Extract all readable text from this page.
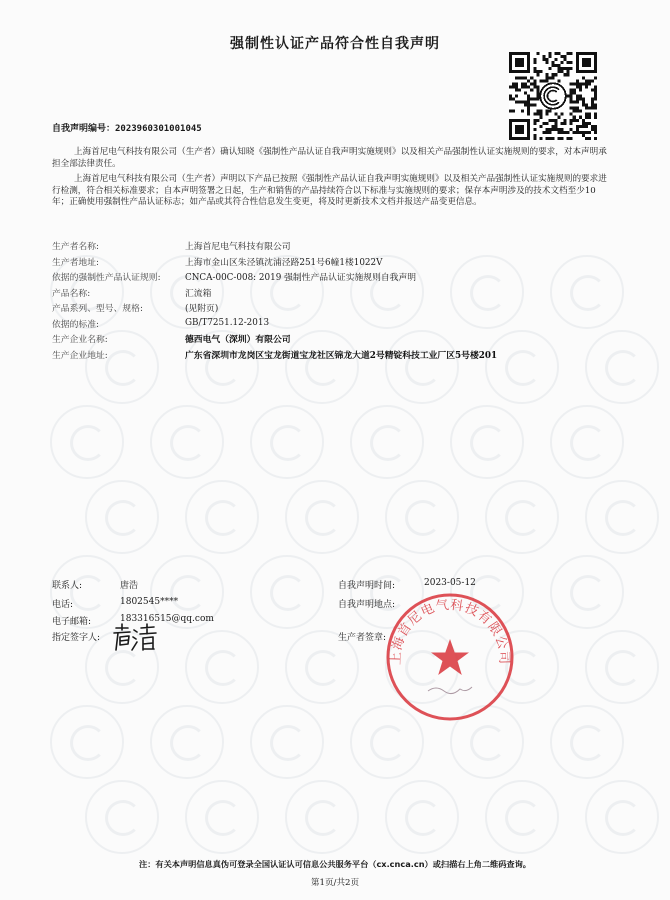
强制性认证产品符合性自我声明
自我声明编号：2023960301001045
上海首尼电气科技有限公司（生产者）确认知晓《强制性产品认证自我声明实施规则》以及相关产品强制性认证实施规则的要求，对本声明承担全部法律责任。
上海首尼电气科技有限公司（生产者）声明以下产品已按照《强制性产品认证自我声明实施规则》以及相关产品强制性认证实施规则的要求进行检测，符合相关标准要求；自本声明签署之日起，生产和销售的产品持续符合以下标准与实施规则的要求；保存本声明涉及的技术文档至少10年；正确使用强制性产品认证标志；如产品或其符合性信息发生变更，将及时更新技术文档并报送产品变更信息。
生产者名称:	上海首尼电气科技有限公司
生产者地址:	上海市金山区朱泾镇沈浦泾路251号6幢1楼1022V
依据的强制性产品认证规则:	CNCA-00C-008: 2019 强制性产品认证实施规则自我声明
产品名称:	汇流箱
产品系列、型号、规格:	(见附页)
依据的标准:	GB/T7251.12-2013
生产企业名称:	德西电气（深圳）有限公司
生产企业地址:	广东省深圳市龙岗区宝龙街道宝龙社区锦龙大道2号精锭科技工业厂区5号楼201
联系人:	唐浩
电话:	1802545****
电子邮箱:	183316515@qq.com
指定签字人:
自我声明时间:	2023-05-12
自我声明地点:
生产者签章:
上海首尼电气科技有限公司
注：有关本声明信息真伪可登录全国认证认可信息公共服务平台（cx.cnca.cn）或扫描右上角二维码查询。
第1页/共2页
